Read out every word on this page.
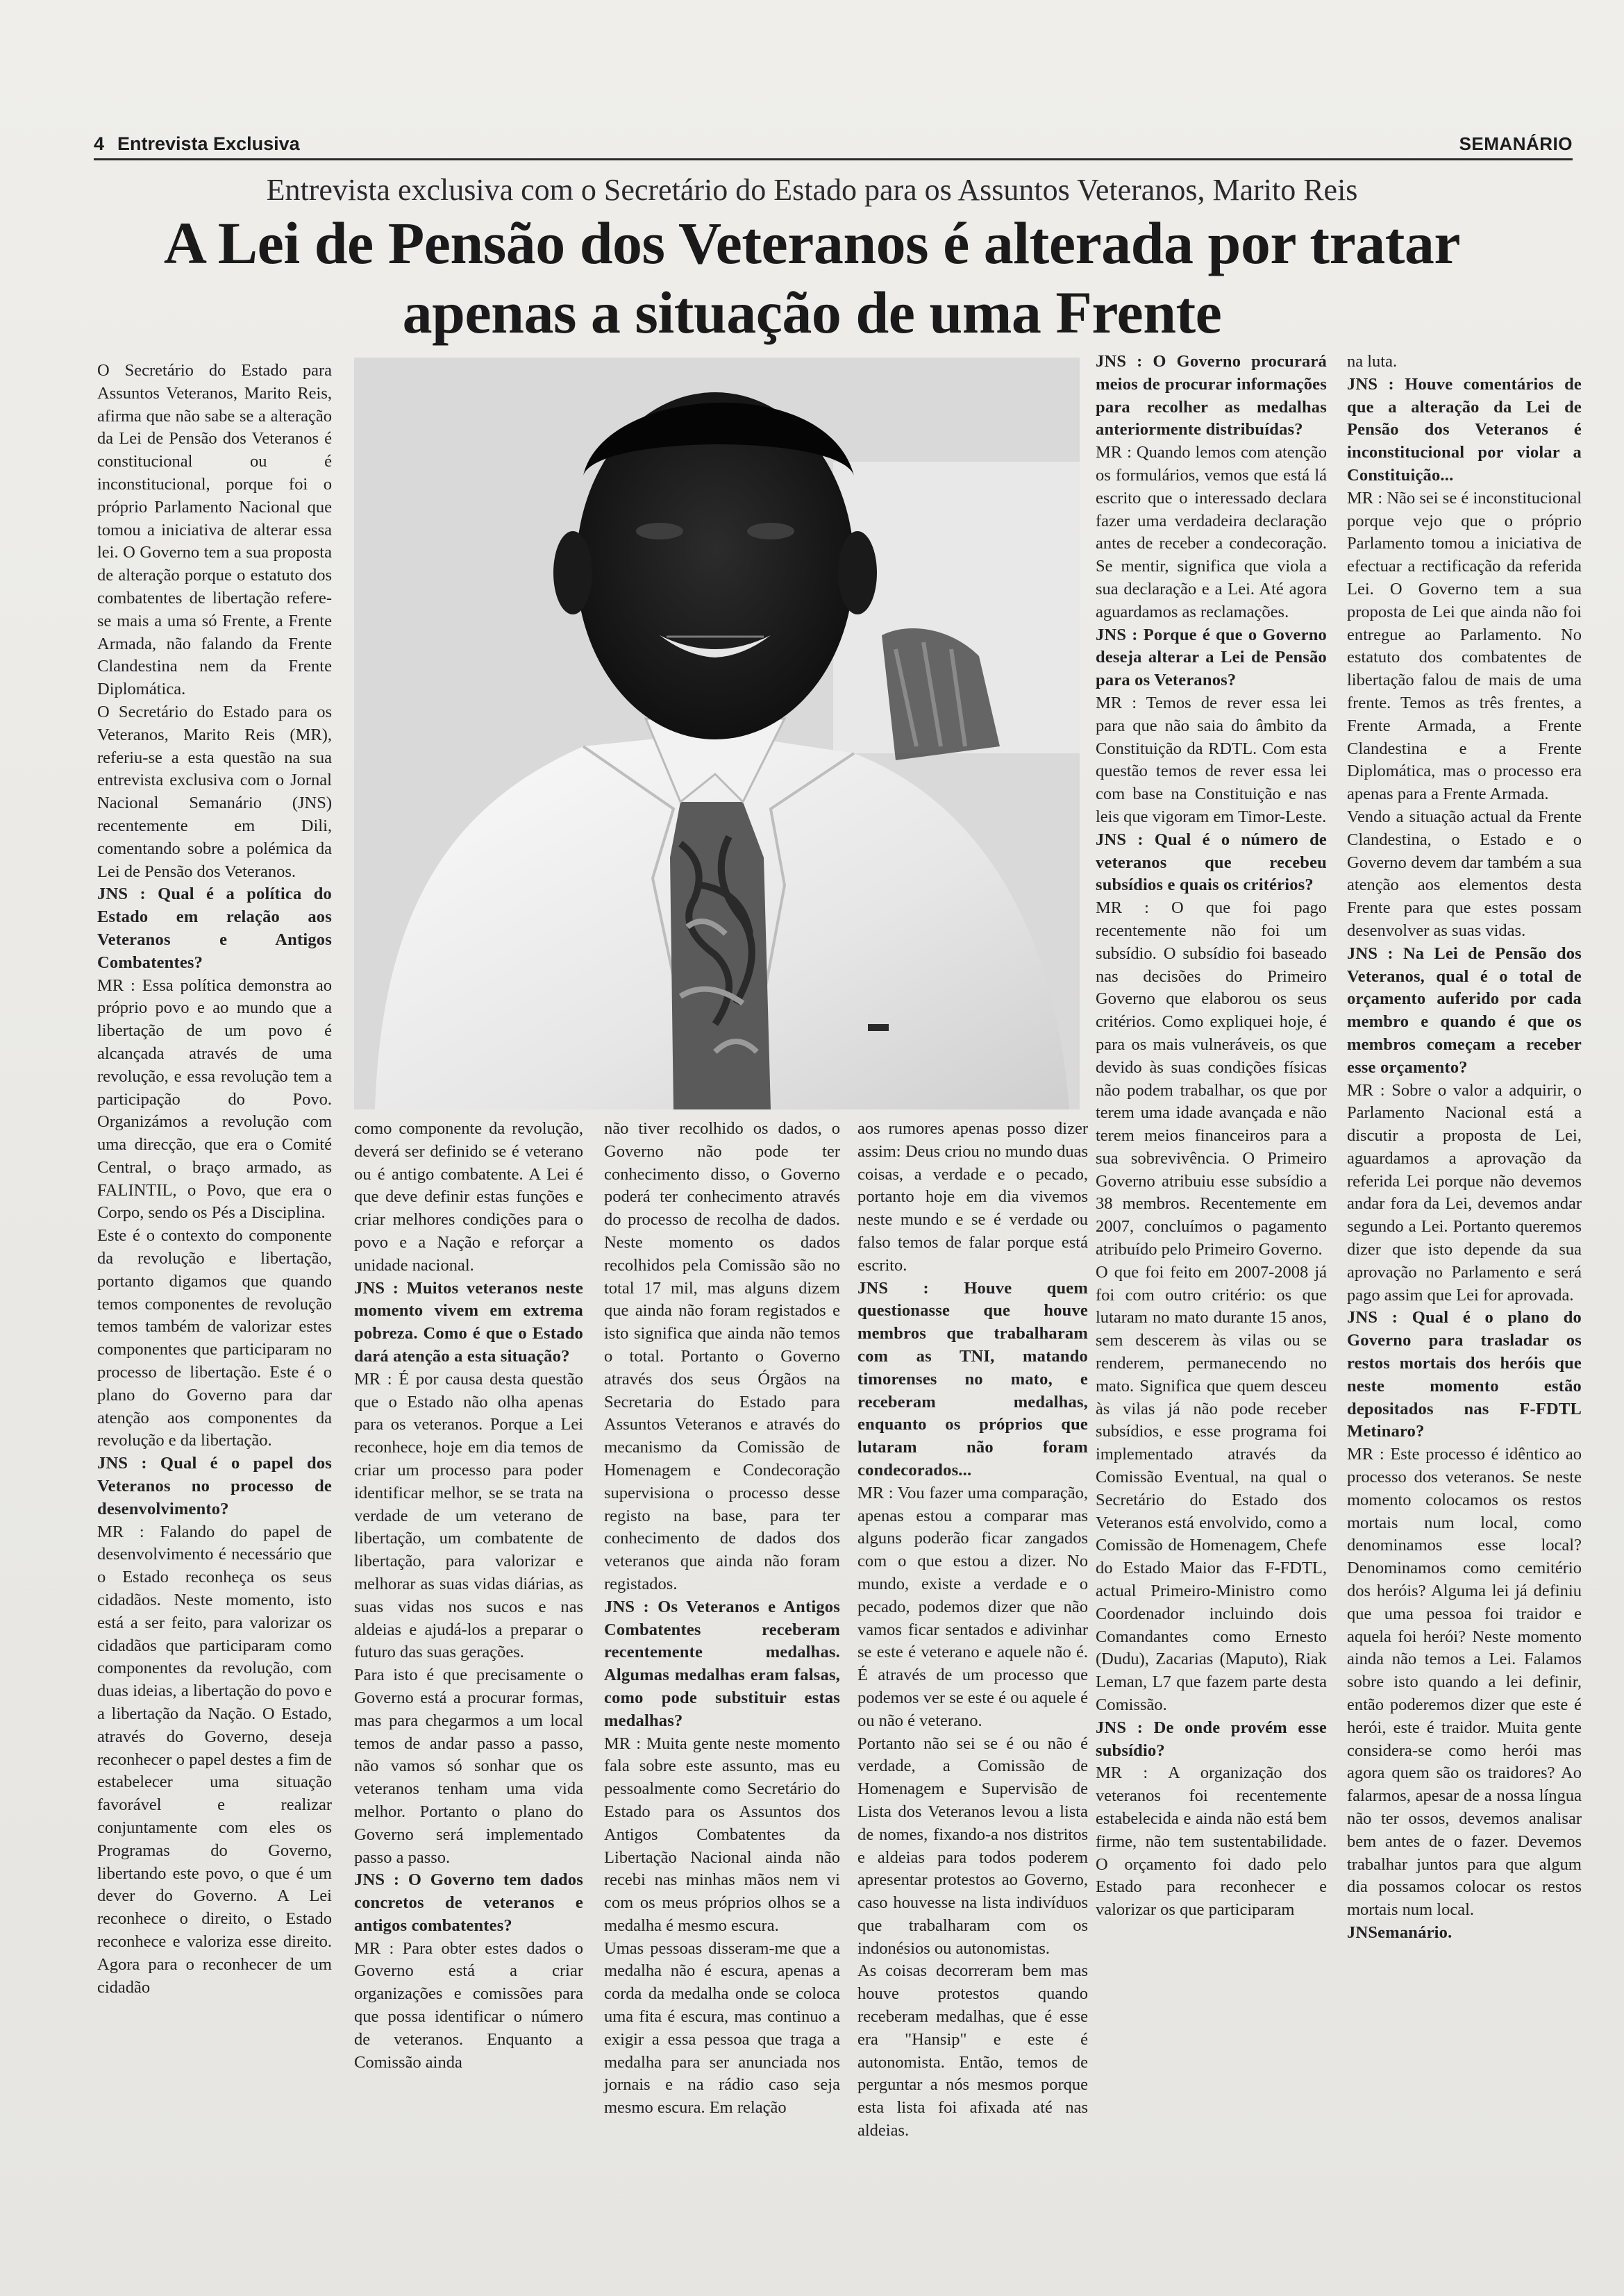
4 Entrevista Exclusiva	SEMANÁRIO
Entrevista exclusiva com o Secretário do Estado para os Assuntos Veteranos, Marito Reis
A Lei de Pensão dos Veteranos é alterada por tratar
apenas a situação de uma Frente

O Secretário do Estado para Assuntos Veteranos, Marito Reis, afirma que não sabe se a alteração da Lei de Pensão dos Veteranos é constitucional ou é inconstitucional, porque foi o próprio Parlamento Nacional que tomou a iniciativa de alterar essa lei. O Governo tem a sua proposta de alteração porque o estatuto dos combatentes de libertação refere-se mais a uma só Frente, a Frente Armada, não falando da Frente Clandestina nem da Frente Diplomática.

O Secretário do Estado para os Veteranos, Marito Reis (MR), referiu-se a esta questão na sua entrevista exclusiva com o Jornal Nacional Semanário (JNS) recentemente em Dili, comentando sobre a polémica da Lei de Pensão dos Veteranos.

JNS : Qual é a política do Estado em relação aos Veteranos e Antigos Combatentes?

MR : Essa política demonstra ao próprio povo e ao mundo que a libertação de um povo é alcançada através de uma revolução, e essa revolução tem a participação do Povo. Organizámos a revolução com uma direcção, que era o Comité Central, o braço armado, as FALINTIL, o Povo, que era o Corpo, sendo os Pés a Disciplina.

Este é o contexto do componente da revolução e libertação, portanto digamos que quando temos componentes de revolução temos também de valorizar estes componentes que participaram no processo de libertação. Este é o plano do Governo para dar atenção aos componentes da revolução e da libertação.

JNS : Qual é o papel dos Veteranos no processo de desenvolvimento?

MR : Falando do papel de desenvolvimento é necessário que o Estado reconheça os seus cidadãos. Neste momento, isto está a ser feito, para valorizar os cidadãos que participaram como componentes da revolução, com duas ideias, a libertação do povo e a libertação da Nação. O Estado, através do Governo, deseja reconhecer o papel destes a fim de estabelecer uma situação favorável e realizar conjuntamente com eles os Programas do Governo, libertando este povo, o que é um dever do Governo. A Lei reconhece o direito, o Estado reconhece e valoriza esse direito. Agora para o reconhecer de um cidadão

como componente da revolução, deverá ser definido se é veterano ou é antigo combatente. A Lei é que deve definir estas funções e criar melhores condições para o povo e a Nação e reforçar a unidade nacional.

JNS : Muitos veteranos neste momento vivem em extrema pobreza. Como é que o Estado dará atenção a esta situação?

MR : É por causa desta questão que o Estado não olha apenas para os veteranos. Porque a Lei reconhece, hoje em dia temos de criar um processo para poder identificar melhor, se se trata na verdade de um veterano de libertação, um combatente de libertação, para valorizar e melhorar as suas vidas diárias, as suas vidas nos sucos e nas aldeias e ajudá-los a preparar o futuro das suas gerações.

Para isto é que precisamente o Governo está a procurar formas, mas para chegarmos a um local temos de andar passo a passo, não vamos só sonhar que os veteranos tenham uma vida melhor. Portanto o plano do Governo será implementado passo a passo.

JNS : O Governo tem dados concretos de veteranos e antigos combatentes?

MR : Para obter estes dados o Governo está a criar organizações e comissões para que possa identificar o número de veteranos. Enquanto a Comissão ainda

não tiver recolhido os dados, o Governo não pode ter conhecimento disso, o Governo poderá ter conhecimento através do processo de recolha de dados. Neste momento os dados recolhidos pela Comissão são no total 17 mil, mas alguns dizem que ainda não foram registados e isto significa que ainda não temos o total. Portanto o Governo através dos seus Órgãos na Secretaria do Estado para Assuntos Veteranos e através do mecanismo da Comissão de Homenagem e Condecoração supervisiona o processo desse registo na base, para ter conhecimento de dados dos veteranos que ainda não foram registados.

JNS : Os Veteranos e Antigos Combatentes receberam recentemente medalhas. Algumas medalhas eram falsas, como pode substituir estas medalhas?

MR : Muita gente neste momento fala sobre este assunto, mas eu pessoalmente como Secretário do Estado para os Assuntos dos Antigos Combatentes da Libertação Nacional ainda não recebi nas minhas mãos nem vi com os meus próprios olhos se a medalha é mesmo escura.

Umas pessoas disseram-me que a medalha não é escura, apenas a corda da medalha onde se coloca uma fita é escura, mas continuo a exigir a essa pessoa que traga a medalha para ser anunciada nos jornais e na rádio caso seja mesmo escura. Em relação

aos rumores apenas posso dizer assim: Deus criou no mundo duas coisas, a verdade e o pecado, portanto hoje em dia vivemos neste mundo e se é verdade ou falso temos de falar porque está escrito.

JNS : Houve quem questionasse que houve membros que trabalharam com as TNI, matando timorenses no mato, e receberam medalhas, enquanto os próprios que lutaram não foram condecorados...

MR : Vou fazer uma comparação, apenas estou a comparar mas alguns poderão ficar zangados com o que estou a dizer. No mundo, existe a verdade e o pecado, podemos dizer que não vamos ficar sentados e adivinhar se este é veterano e aquele não é. É através de um processo que podemos ver se este é ou aquele é ou não é veterano.

Portanto não sei se é ou não é verdade, a Comissão de Homenagem e Supervisão de Lista dos Veteranos levou a lista de nomes, fixando-a nos distritos e aldeias para todos poderem apresentar protestos ao Governo, caso houvesse na lista indivíduos que trabalharam com os indonésios ou autonomistas.

As coisas decorreram bem mas houve protestos quando receberam medalhas, que é esse era "Hansip" e este é autonomista. Então, temos de perguntar a nós mesmos porque esta lista foi afixada até nas aldeias.

JNS : O Governo procurará meios de procurar informações para recolher as medalhas anteriormente distribuídas?

MR : Quando lemos com atenção os formulários, vemos que está lá escrito que o interessado declara fazer uma verdadeira declaração antes de receber a condecoração. Se mentir, significa que viola a sua declaração e a Lei. Até agora aguardamos as reclamações.

JNS : Porque é que o Governo deseja alterar a Lei de Pensão para os Veteranos?

MR : Temos de rever essa lei para que não saia do âmbito da Constituição da RDTL. Com esta questão temos de rever essa lei com base na Constituição e nas leis que vigoram em Timor-Leste.

JNS : Qual é o número de veteranos que recebeu subsídios e quais os critérios?

MR : O que foi pago recentemente não foi um subsídio. O subsídio foi baseado nas decisões do Primeiro Governo que elaborou os seus critérios. Como expliquei hoje, é para os mais vulneráveis, os que devido às suas condições físicas não podem trabalhar, os que por terem uma idade avançada e não terem meios financeiros para a sua sobrevivência. O Primeiro Governo atribuiu esse subsídio a 38 membros. Recentemente em 2007, concluímos o pagamento atribuído pelo Primeiro Governo.

O que foi feito em 2007-2008 já foi com outro critério: os que lutaram no mato durante 15 anos, sem descerem às vilas ou se renderem, permanecendo no mato. Significa que quem desceu às vilas já não pode receber subsídios, e esse programa foi implementado através da Comissão Eventual, na qual o Secretário do Estado dos Veteranos está envolvido, como a Comissão de Homenagem, Chefe do Estado Maior das F-FDTL, actual Primeiro-Ministro como Coordenador incluindo dois Comandantes como Ernesto (Dudu), Zacarias (Maputo), Riak Leman, L7 que fazem parte desta Comissão.

JNS : De onde provém esse subsídio?

MR : A organização dos veteranos foi recentemente estabelecida e ainda não está bem firme, não tem sustentabilidade. O orçamento foi dado pelo Estado para reconhecer e valorizar os que participaram

na luta.

JNS : Houve comentários de que a alteração da Lei de Pensão dos Veteranos é inconstitucional por violar a Constituição...

MR : Não sei se é inconstitucional porque vejo que o próprio Parlamento tomou a iniciativa de efectuar a rectificação da referida Lei. O Governo tem a sua proposta de Lei que ainda não foi entregue ao Parlamento. No estatuto dos combatentes de libertação falou de mais de uma frente. Temos as três frentes, a Frente Armada, a Frente Clandestina e a Frente Diplomática, mas o processo era apenas para a Frente Armada.

Vendo a situação actual da Frente Clandestina, o Estado e o Governo devem dar também a sua atenção aos elementos desta Frente para que estes possam desenvolver as suas vidas.

JNS : Na Lei de Pensão dos Veteranos, qual é o total de orçamento auferido por cada membro e quando é que os membros começam a receber esse orçamento?

MR : Sobre o valor a adquirir, o Parlamento Nacional está a discutir a proposta de Lei, aguardamos a aprovação da referida Lei porque não devemos andar fora da Lei, devemos andar segundo a Lei. Portanto queremos dizer que isto depende da sua aprovação no Parlamento e será pago assim que Lei for aprovada.

JNS : Qual é o plano do Governo para trasladar os restos mortais dos heróis que neste momento estão depositados nas F-FDTL Metinaro?

MR : Este processo é idêntico ao processo dos veteranos. Se neste momento colocamos os restos mortais num local, como denominamos esse local? Denominamos como cemitério dos heróis? Alguma lei já definiu que uma pessoa foi traidor e aquela foi herói? Neste momento ainda não temos a Lei. Falamos sobre isto quando a lei definir, então poderemos dizer que este é herói, este é traidor. Muita gente considera-se como herói mas agora quem são os traidores? Ao falarmos, apesar de a nossa língua não ter ossos, devemos analisar bem antes de o fazer. Devemos trabalhar juntos para que algum dia possamos colocar os restos mortais num local.

JNSemanário.
